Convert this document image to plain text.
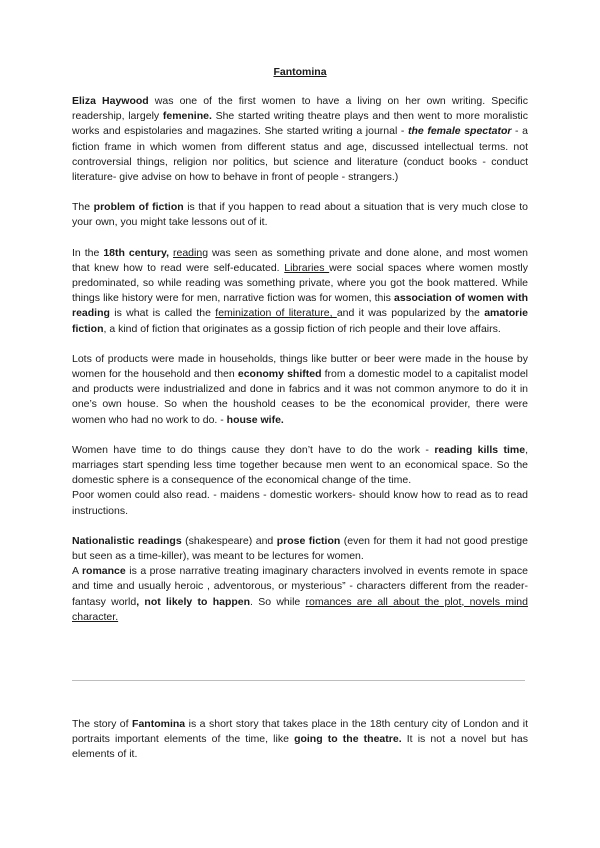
Fantomina

Eliza Haywood was one of the first women to have a living on her own writing. Specific readership, largely femenine. She started writing theatre plays and then went to more moralistic works and espistolaries and magazines. She started writing a journal - the female spectator - a fiction frame in which women from different status and age, discussed intellectual terms. not controversial things, religion nor politics, but science and literature (conduct books - conduct literature- give advise on how to behave in front of people - strangers.)

The problem of fiction is that if you happen to read about a situation that is very much close to your own, you might take lessons out of it.

In the 18th century, reading was seen as something private and done alone, and most women that knew how to read were self-educated. Libraries were social spaces where women mostly predominated, so while reading was something private, where you got the book mattered. While things like history were for men, narrative fiction was for women, this association of women with reading is what is called the feminization of literature, and it was popularized by the amatorie fiction, a kind of fiction that originates as a gossip fiction of rich people and their love affairs.

Lots of products were made in households, things like butter or beer were made in the house by women for the household and then economy shifted from a domestic model to a capitalist model and products were industrialized and done in fabrics and it was not common anymore to do it in one’s own house. So when the houshold ceases to be the economical provider, there were women who had no work to do. - house wife.

Women have time to do things cause they don’t have to do the work - reading kills time, marriages start spending less time together because men went to an economical space. So the domestic sphere is a consequence of the economical change of the time.

Poor women could also read. - maidens - domestic workers- should know how to read as to read instructions.

Nationalistic readings (shakespeare) and prose fiction (even for them it had not good prestige but seen as a time-killer), was meant to be lectures for women.

A romance is a prose narrative treating imaginary characters involved in events remote in space and time and usually heroic , adventorous, or mysterious” - characters different from the reader- fantasy world, not likely to happen. So while romances are all about the plot, novels mind character.

The story of Fantomina is a short story that takes place in the 18th century city of London and it portraits important elements of the time, like going to the theatre. It is not a novel but has elements of it.
